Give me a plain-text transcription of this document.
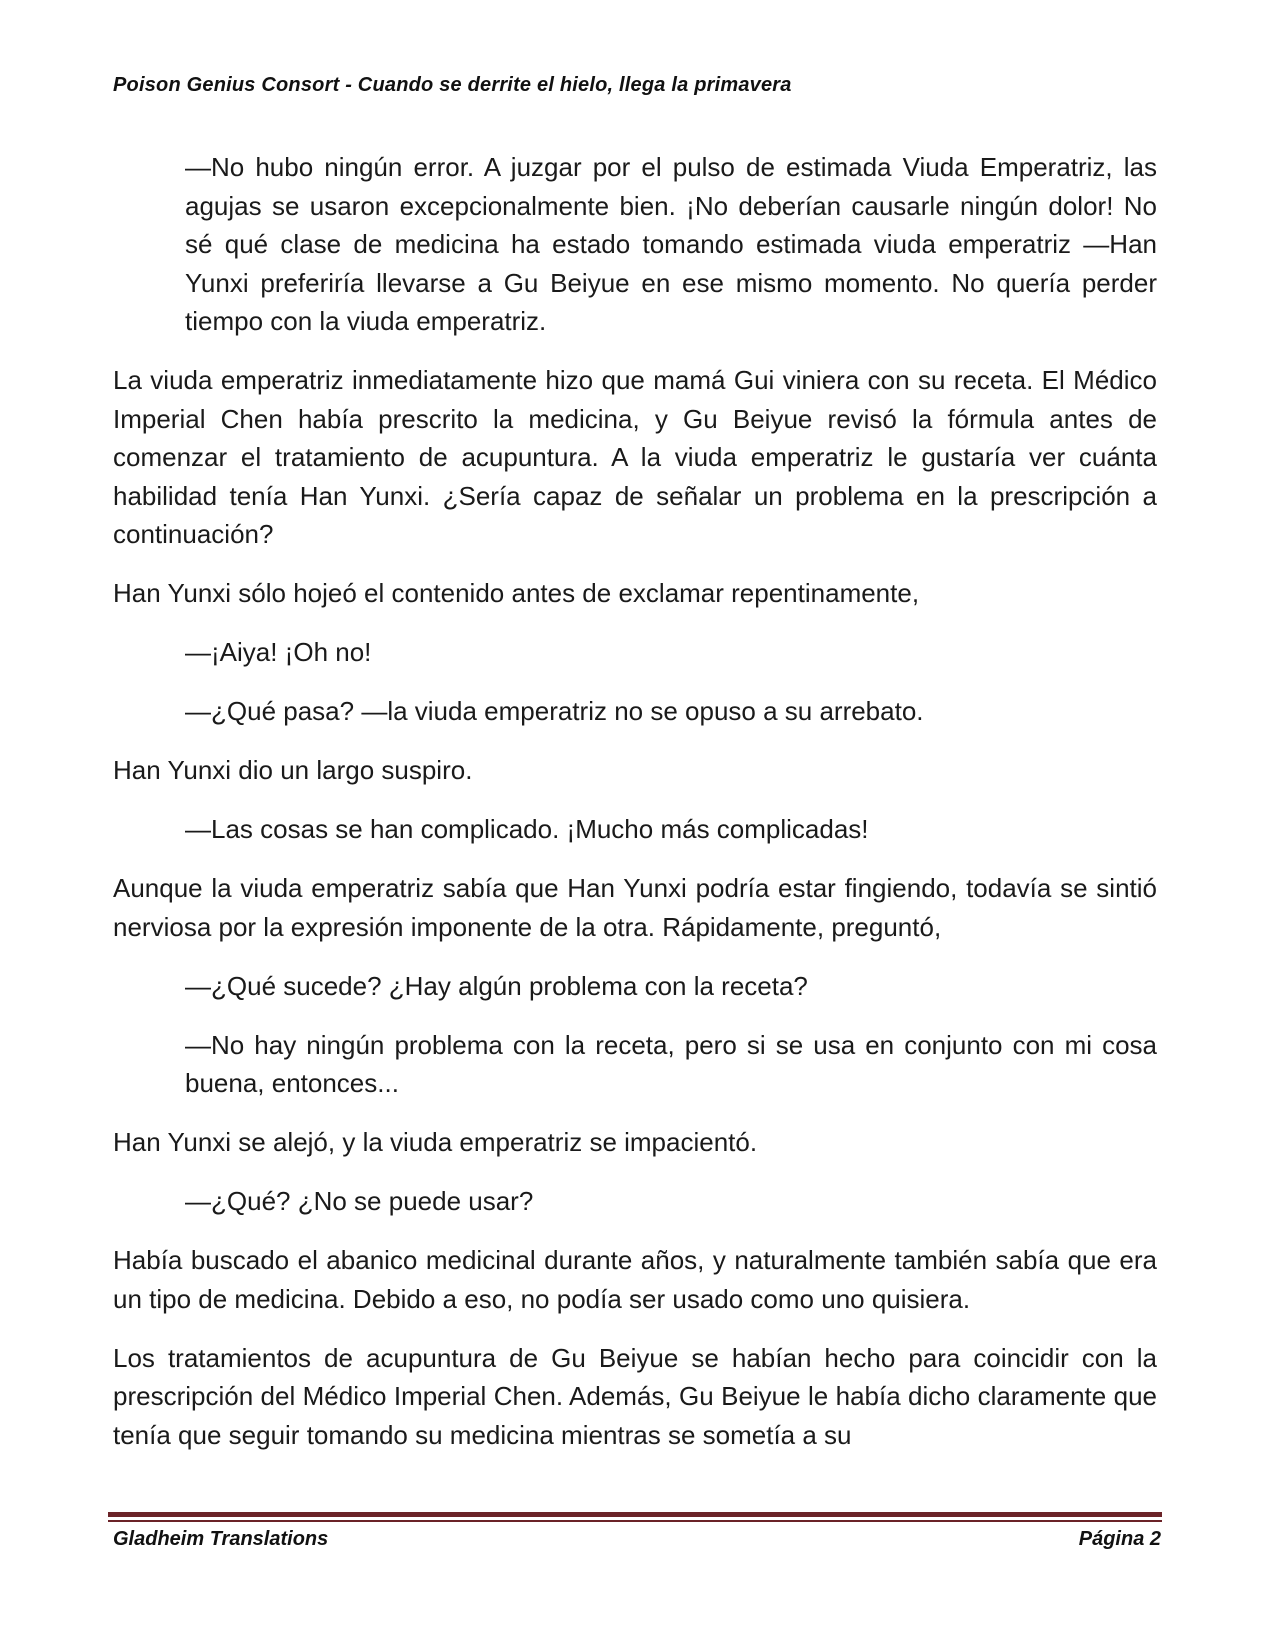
Poison Genius Consort - Cuando se derrite el hielo, llega la primavera

—No hubo ningún error. A juzgar por el pulso de estimada Viuda Emperatriz, las agujas se usaron excepcionalmente bien. ¡No deberían causarle ningún dolor! No sé qué clase de medicina ha estado tomando estimada viuda emperatriz —Han Yunxi preferiría llevarse a Gu Beiyue en ese mismo momento. No quería perder tiempo con la viuda emperatriz.

La viuda emperatriz inmediatamente hizo que mamá Gui viniera con su receta. El Médico Imperial Chen había prescrito la medicina, y Gu Beiyue revisó la fórmula antes de comenzar el tratamiento de acupuntura. A la viuda emperatriz le gustaría ver cuánta habilidad tenía Han Yunxi. ¿Sería capaz de señalar un problema en la prescripción a continuación?

Han Yunxi sólo hojeó el contenido antes de exclamar repentinamente,

—¡Aiya! ¡Oh no!

—¿Qué pasa? —la viuda emperatriz no se opuso a su arrebato.

Han Yunxi dio un largo suspiro.

—Las cosas se han complicado. ¡Mucho más complicadas!

Aunque la viuda emperatriz sabía que Han Yunxi podría estar fingiendo, todavía se sintió nerviosa por la expresión imponente de la otra. Rápidamente, preguntó,

—¿Qué sucede? ¿Hay algún problema con la receta?

—No hay ningún problema con la receta, pero si se usa en conjunto con mi cosa buena, entonces...

Han Yunxi se alejó, y la viuda emperatriz se impacientó.

—¿Qué? ¿No se puede usar?

Había buscado el abanico medicinal durante años, y naturalmente también sabía que era un tipo de medicina. Debido a eso, no podía ser usado como uno quisiera.

Los tratamientos de acupuntura de Gu Beiyue se habían hecho para coincidir con la prescripción del Médico Imperial Chen. Además, Gu Beiyue le había dicho claramente que tenía que seguir tomando su medicina mientras se sometía a su

Gladheim Translations	Página 2
